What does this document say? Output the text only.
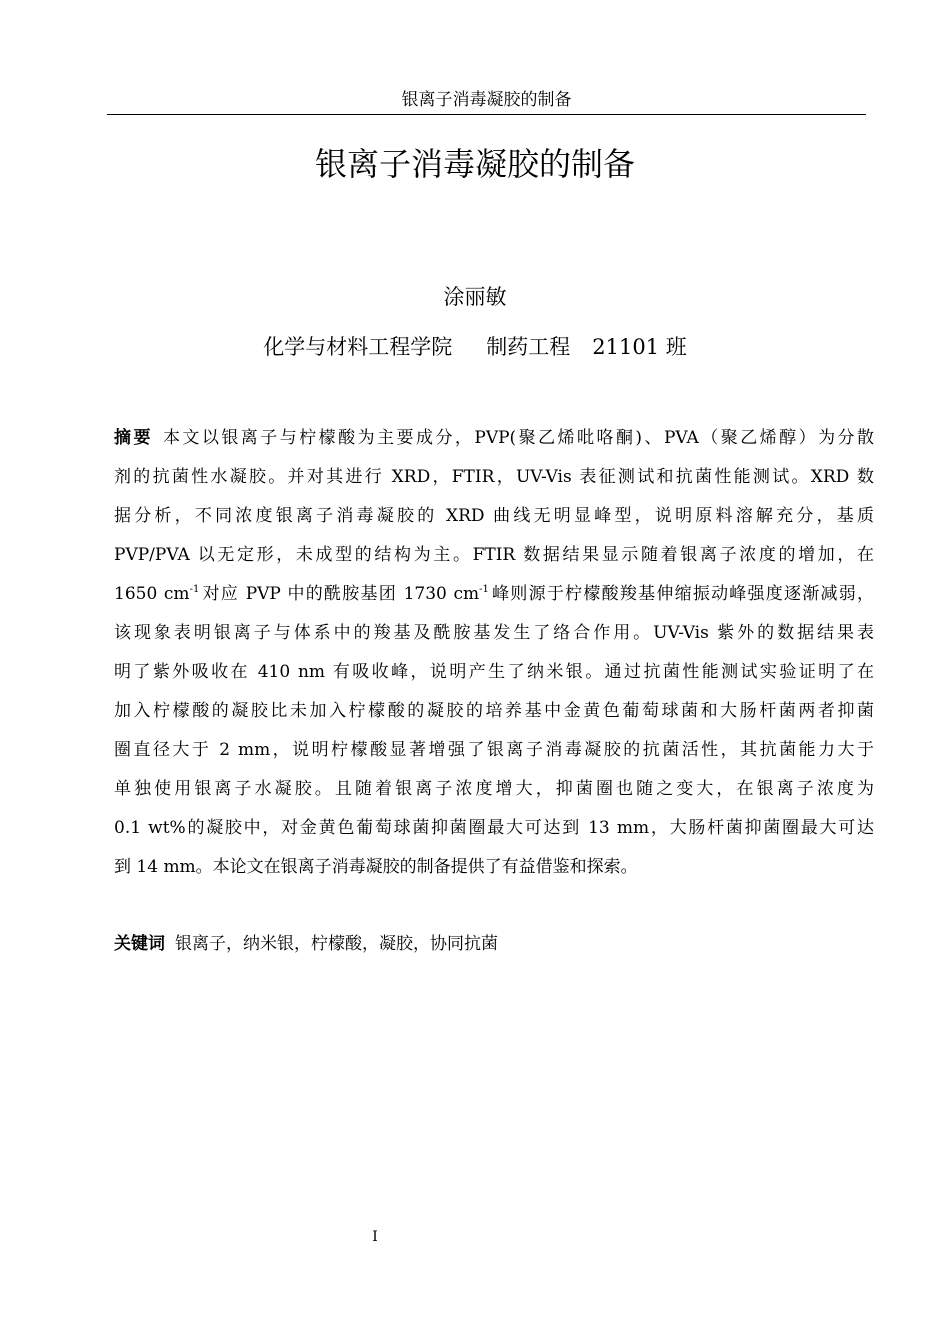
银离子消毒凝胶的制备
银离子消毒凝胶的制备
涂丽敏
化学与材料工程学院 制药工程 21101 班
摘要 本文以银离子与柠檬酸为主要成分，PVP(聚乙烯吡咯酮)、PVA（聚乙烯醇）为分散
剂的抗菌性水凝胶。并对其进行 XRD，FTIR，UV-Vis 表征测试和抗菌性能测试。XRD 数
据分析，不同浓度银离子消毒凝胶的 XRD 曲线无明显峰型，说明原料溶解充分，基质
PVP/PVA 以无定形，未成型的结构为主。FTIR 数据结果显示随着银离子浓度的增加，在
1650 $cm^{-1}$ 对应 PVP 中的酰胺基团 1730 $cm^{-1}$ 峰则源于柠檬酸羧基伸缩振动峰强度逐渐减弱，
该现象表明银离子与体系中的羧基及酰胺基发生了络合作用。UV-Vis 紫外的数据结果表
明了紫外吸收在 410 nm 有吸收峰，说明产生了纳米银。通过抗菌性能测试实验证明了在
加入柠檬酸的凝胶比未加入柠檬酸的凝胶的培养基中金黄色葡萄球菌和大肠杆菌两者抑菌
圈直径大于 2 mm，说明柠檬酸显著增强了银离子消毒凝胶的抗菌活性，其抗菌能力大于
单独使用银离子水凝胶。且随着银离子浓度增大，抑菌圈也随之变大，在银离子浓度为
0.1 wt%的凝胶中，对金黄色葡萄球菌抑菌圈最大可达到 13 mm，大肠杆菌抑菌圈最大可达
到 14 mm。本论文在银离子消毒凝胶的制备提供了有益借鉴和探索。
关键词 银离子，纳米银，柠檬酸，凝胶，协同抗菌
I
